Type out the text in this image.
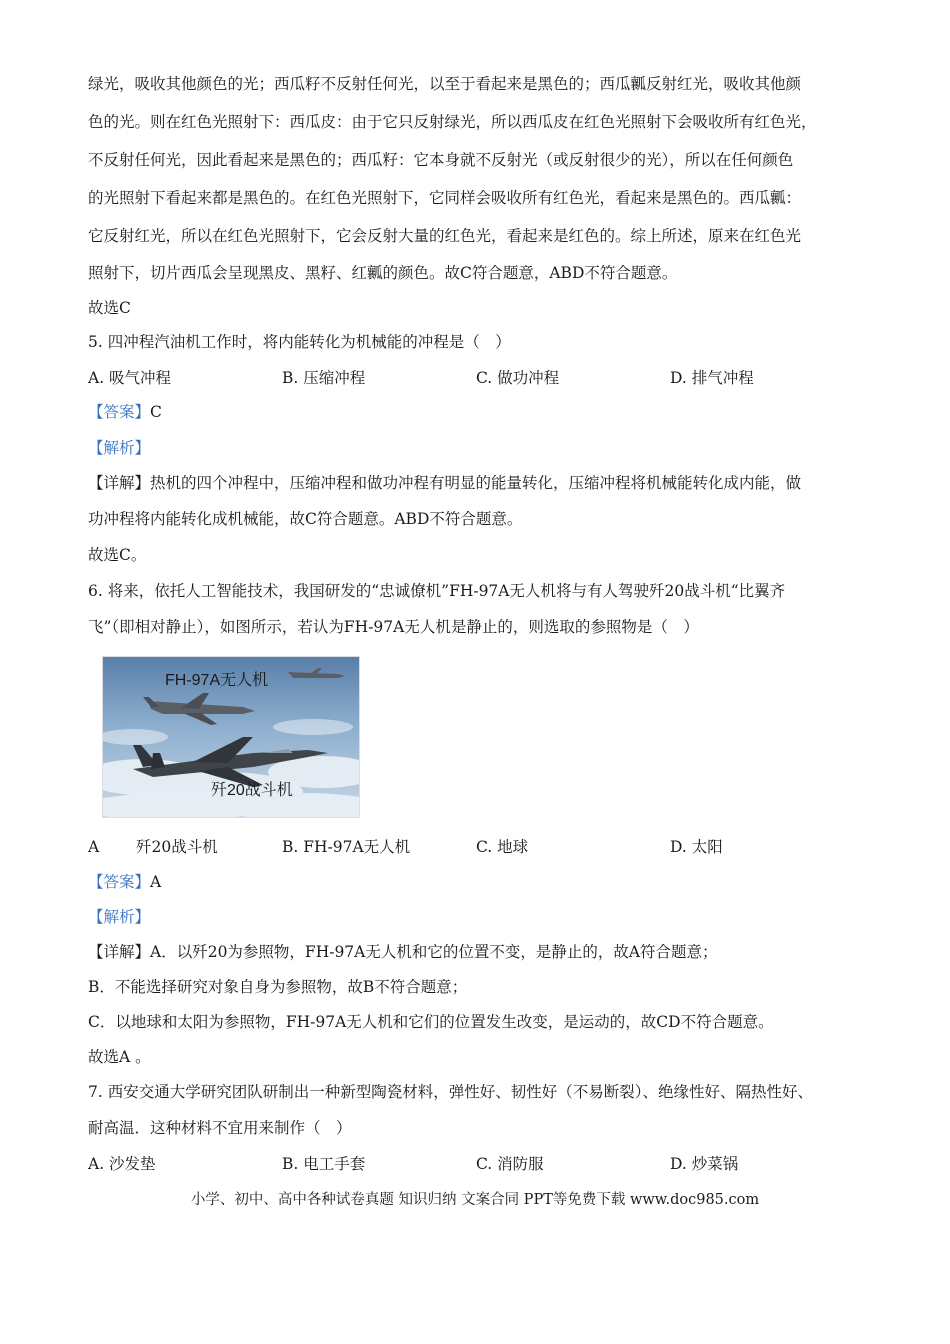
绿光，吸收其他颜色的光；西瓜籽不反射任何光，以至于看起来是黑色的；西瓜瓤反射红光，吸收其他颜
色的光。则在红色光照射下：西瓜皮：由于它只反射绿光，所以西瓜皮在红色光照射下会吸收所有红色光，
不反射任何光，因此看起来是黑色的；西瓜籽：它本身就不反射光（或反射很少的光），所以在任何颜色
的光照射下看起来都是黑色的。在红色光照射下，它同样会吸收所有红色光，看起来是黑色的。西瓜瓤：
它反射红光，所以在红色光照射下，它会反射大量的红色光，看起来是红色的。综上所述，原来在红色光
照射下，切片西瓜会呈现黑皮、黑籽、红瓤的颜色。故C符合题意，ABD不符合题意。
故选C
5. 四冲程汽油机工作时，将内能转化为机械能的冲程是（　）
A. 吸气冲程	B. 压缩冲程	C. 做功冲程	D. 排气冲程
【答案】C
【解析】
【详解】热机的四个冲程中，压缩冲程和做功冲程有明显的能量转化，压缩冲程将机械能转化成内能，做
功冲程将内能转化成机械能，故C符合题意。ABD不符合题意。
故选C。
6. 将来，依托人工智能技术，我国研发的“忠诚僚机”FH-97A无人机将与有人驾驶歼20战斗机“比翼齐
飞”（即相对静止），如图所示，若认为FH-97A无人机是静止的，则选取的参照物是（　）
FH-97A无人机
歼20战斗机
A 歼20战斗机	B. FH-97A无人机	C. 地球	D. 太阳
【答案】A
【解析】
【详解】A．以歼20为参照物，FH-97A无人机和它的位置不变，是静止的，故A符合题意；
B．不能选择研究对象自身为参照物，故B不符合题意；
C．以地球和太阳为参照物，FH-97A无人机和它们的位置发生改变，是运动的，故CD不符合题意。
故选A 。
7. 西安交通大学研究团队研制出一种新型陶瓷材料，弹性好、韧性好（不易断裂）、绝缘性好、隔热性好、
耐高温．这种材料不宜用来制作（　）
A. 沙发垫	B. 电工手套	C. 消防服	D. 炒菜锅
小学、初中、高中各种试卷真题 知识归纳 文案合同 PPT等免费下载 www.doc985.com
